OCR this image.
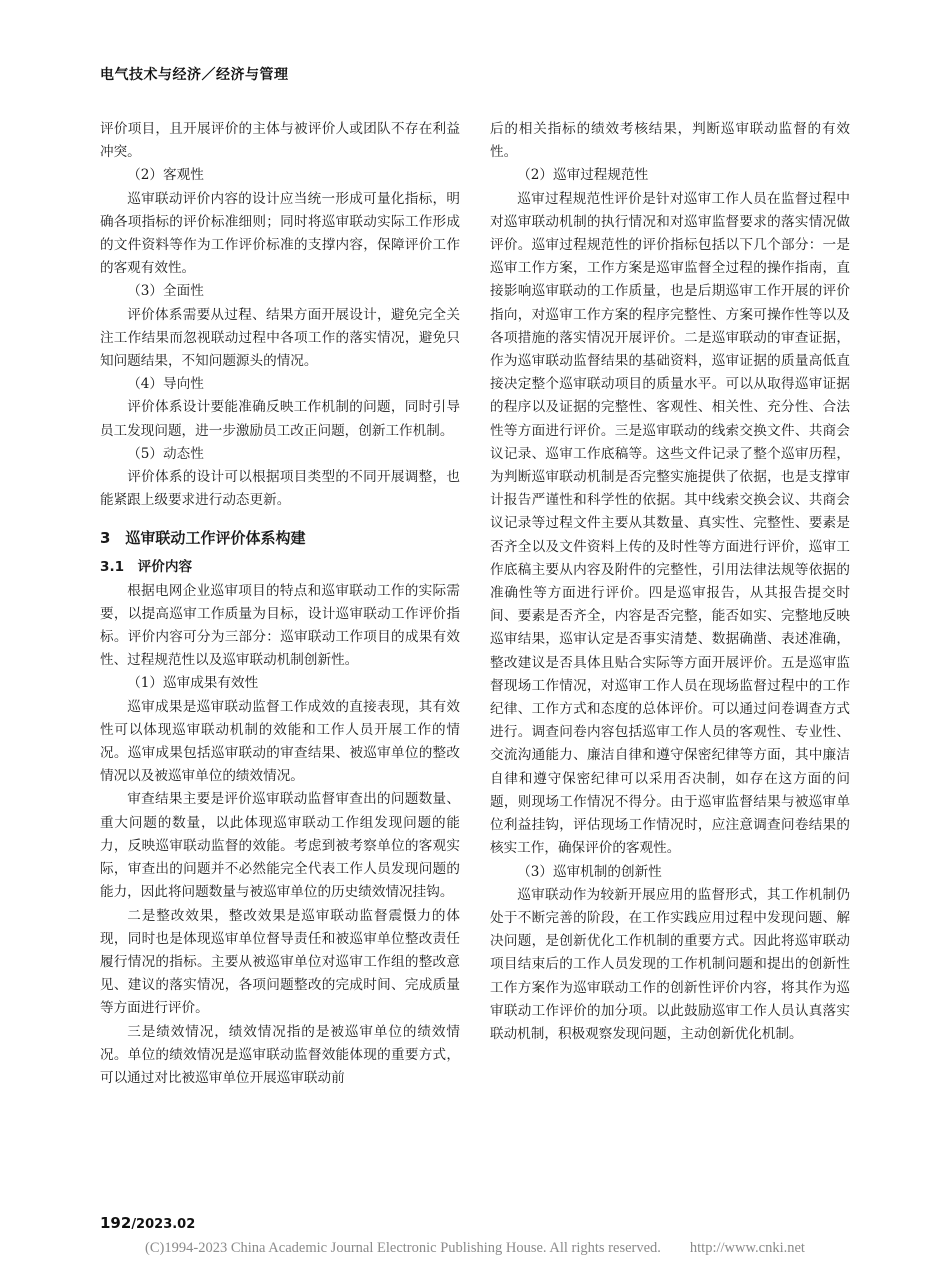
电气技术与经济／经济与管理

评价项目，且开展评价的主体与被评价人或团队不存在利益冲突。

（2）客观性

巡审联动评价内容的设计应当统一形成可量化指标，明确各项指标的评价标准细则；同时将巡审联动实际工作形成的文件资料等作为工作评价标准的支撑内容，保障评价工作的客观有效性。

（3）全面性

评价体系需要从过程、结果方面开展设计，避免完全关注工作结果而忽视联动过程中各项工作的落实情况，避免只知问题结果，不知问题源头的情况。

（4）导向性

评价体系设计要能准确反映工作机制的问题，同时引导员工发现问题，进一步激励员工改正问题，创新工作机制。

（5）动态性

评价体系的设计可以根据项目类型的不同开展调整，也能紧跟上级要求进行动态更新。

3　巡审联动工作评价体系构建

3.1　评价内容

根据电网企业巡审项目的特点和巡审联动工作的实际需要，以提高巡审工作质量为目标，设计巡审联动工作评价指标。评价内容可分为三部分：巡审联动工作项目的成果有效性、过程规范性以及巡审联动机制创新性。

（1）巡审成果有效性

巡审成果是巡审联动监督工作成效的直接表现，其有效性可以体现巡审联动机制的效能和工作人员开展工作的情况。巡审成果包括巡审联动的审查结果、被巡审单位的整改情况以及被巡审单位的绩效情况。

审查结果主要是评价巡审联动监督审查出的问题数量、重大问题的数量，以此体现巡审联动工作组发现问题的能力，反映巡审联动监督的效能。考虑到被考察单位的客观实际，审查出的问题并不必然能完全代表工作人员发现问题的能力，因此将问题数量与被巡审单位的历史绩效情况挂钩。

二是整改效果，整改效果是巡审联动监督震慑力的体现，同时也是体现巡审单位督导责任和被巡审单位整改责任履行情况的指标。主要从被巡审单位对巡审工作组的整改意见、建议的落实情况，各项问题整改的完成时间、完成质量等方面进行评价。

三是绩效情况，绩效情况指的是被巡审单位的绩效情况。单位的绩效情况是巡审联动监督效能体现的重要方式，可以通过对比被巡审单位开展巡审联动前

后的相关指标的绩效考核结果，判断巡审联动监督的有效性。

（2）巡审过程规范性

巡审过程规范性评价是针对巡审工作人员在监督过程中对巡审联动机制的执行情况和对巡审监督要求的落实情况做评价。巡审过程规范性的评价指标包括以下几个部分：一是巡审工作方案，工作方案是巡审监督全过程的操作指南，直接影响巡审联动的工作质量，也是后期巡审工作开展的评价指向，对巡审工作方案的程序完整性、方案可操作性等以及各项措施的落实情况开展评价。二是巡审联动的审查证据，作为巡审联动监督结果的基础资料，巡审证据的质量高低直接决定整个巡审联动项目的质量水平。可以从取得巡审证据的程序以及证据的完整性、客观性、相关性、充分性、合法性等方面进行评价。三是巡审联动的线索交换文件、共商会议记录、巡审工作底稿等。这些文件记录了整个巡审历程，为判断巡审联动机制是否完整实施提供了依据，也是支撑审计报告严谨性和科学性的依据。其中线索交换会议、共商会议记录等过程文件主要从其数量、真实性、完整性、要素是否齐全以及文件资料上传的及时性等方面进行评价，巡审工作底稿主要从内容及附件的完整性，引用法律法规等依据的准确性等方面进行评价。四是巡审报告，从其报告提交时间、要素是否齐全，内容是否完整，能否如实、完整地反映巡审结果，巡审认定是否事实清楚、数据确凿、表述准确，整改建议是否具体且贴合实际等方面开展评价。五是巡审监督现场工作情况，对巡审工作人员在现场监督过程中的工作纪律、工作方式和态度的总体评价。可以通过问卷调查方式进行。调查问卷内容包括巡审工作人员的客观性、专业性、交流沟通能力、廉洁自律和遵守保密纪律等方面，其中廉洁自律和遵守保密纪律可以采用否决制，如存在这方面的问题，则现场工作情况不得分。由于巡审监督结果与被巡审单位利益挂钩，评估现场工作情况时，应注意调查问卷结果的核实工作，确保评价的客观性。

（3）巡审机制的创新性

巡审联动作为较新开展应用的监督形式，其工作机制仍处于不断完善的阶段，在工作实践应用过程中发现问题、解决问题，是创新优化工作机制的重要方式。因此将巡审联动项目结束后的工作人员发现的工作机制问题和提出的创新性工作方案作为巡审联动工作的创新性评价内容，将其作为巡审联动工作评价的加分项。以此鼓励巡审工作人员认真落实联动机制，积极观察发现问题，主动创新优化机制。

192/2023.02
(C)1994-2023 China Academic Journal Electronic Publishing House. All rights reserved.　　http://www.cnki.net
